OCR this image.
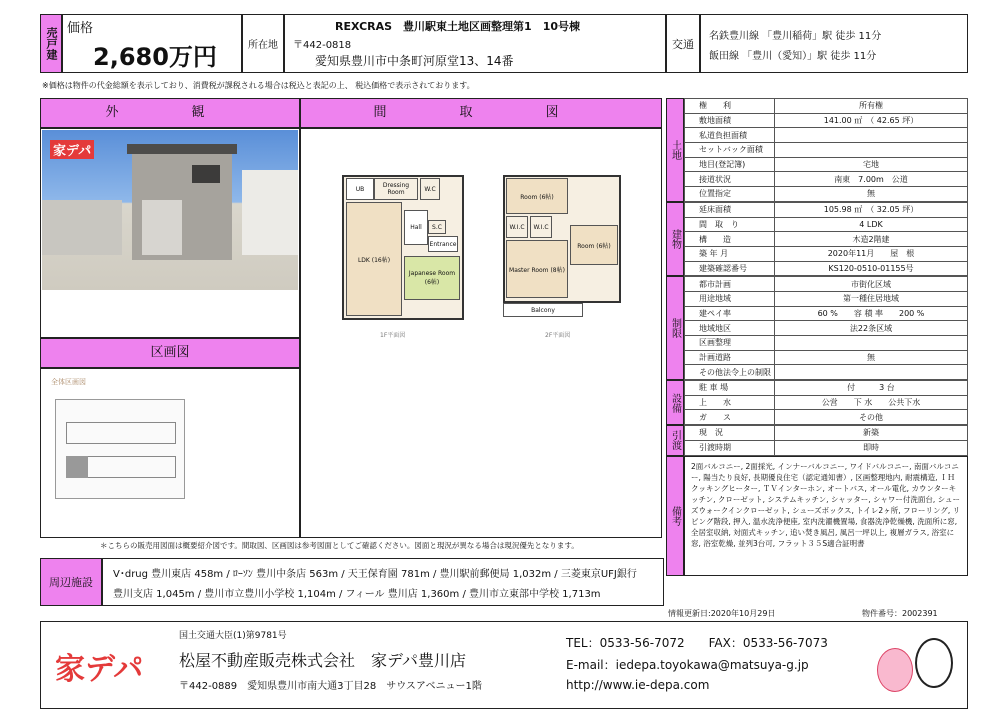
売戸建 価格
2,680万円	所在地
REXCRAS　豊川駅東土地区画整理第1　10号棟
〒442-0818
愛知県豊川市中条町河原堂13、14番
交通
名鉄豊川線 「豊川稲荷」駅 徒歩 11分
飯田線 「豊川（愛知）」駅 徒歩 11分
※価格は物件の代金総額を表示しており、消費税が課税される場合は税込と表記の上、 税込価格で表示されております。
外　観
家デパ
区画図
全体区画図
間　取　図
UB	Dressing Room	W.C
Hall	S.C
Entrance
LDK (16帖)
Japanese Room (6帖)
1F平面図
Room (6帖)
W.I.C	W.I.C
Room (6帖)
Master Room (8帖)
Balcony
2F平面図
土地
権　　利	所有権
敷地面積	141.00 ㎡　（ 42.65 坪）
私道負担面積	
セットバック面積	
地目(登記簿)	宅地
接道状況	南東　7.00m　公道
位置指定	無
建物
延床面積	105.98 ㎡　（ 32.05 坪）
間　取　り	4 LDK
構　　造	木造2階建
築 年 月	2020年11月　　屋　根
建築確認番号	KS120-0510-01155号
制限
都市計画	市街化区域
用途地域	第一種住居地域
建ペイ率	60 %　　容 積 率　　200 %
地域地区	法22条区域
区画整理	
計画道路	無
その他法令上の制限	
設備
駐 車 場	付　　　3 台
上　　水	公営　　下 水　　公共下水
ガ　　ス	その他
引渡	現　況	新築
引渡時期	即時
備考
2面バルコニー, 2面採光, インナーバルコニー, ワイドバルコニー, 南面バルコニー, 陽当たり良好, 長期優良住宅（認定通知書）, 区画整理地内, 耐震構造, ＩＨクッキングヒーター, ＴＶインターホン, オートバス, オール電化, カウンターキッチン, クローゼット, システムキッチン, シャッター, シャワー付洗面台, シューズウォークインクローゼット, シューズボックス, トイレ2ヶ所, フローリング, リビング階段, 押入, 温水洗浄便座, 室内洗濯機置場, 食器洗浄乾燥機, 洗面所に窓, 全居室収納, 対面式キッチン, 追い焚き風呂, 風呂一坪以上, 複層ガラス, 浴室に窓, 浴室乾燥, 並列3台可, フラット３５S適合証明書
＊こちらの販売用図面は概要紹介図です。間取図、区画図は参考図面としてご確認ください。図面と現況が異なる場合は現況優先となります。
周辺施設
V･drug 豊川東店 458m / ﾛｰｿﾝ 豊川中条店 563m / 天王保育園 781m / 豊川駅前郵便局 1,032m / 三菱東京UFJ銀行
豊川支店 1,045m / 豊川市立豊川小学校 1,104m / フィール 豊川店 1,360m / 豊川市立東部中学校 1,713m
情報更新日:2020年10月29日	物件番号：2002391
家デパ
国土交通大臣(1)第9781号
松屋不動産販売株式会社　家デパ豊川店
〒442-0889　愛知県豊川市南大通3丁目28　サウスアベニュー1階
TEL：0533-56-7072　　FAX：0533-56-7073
E-mail：iedepa.toyokawa@matsuya-g.jp
http://www.ie-depa.com
